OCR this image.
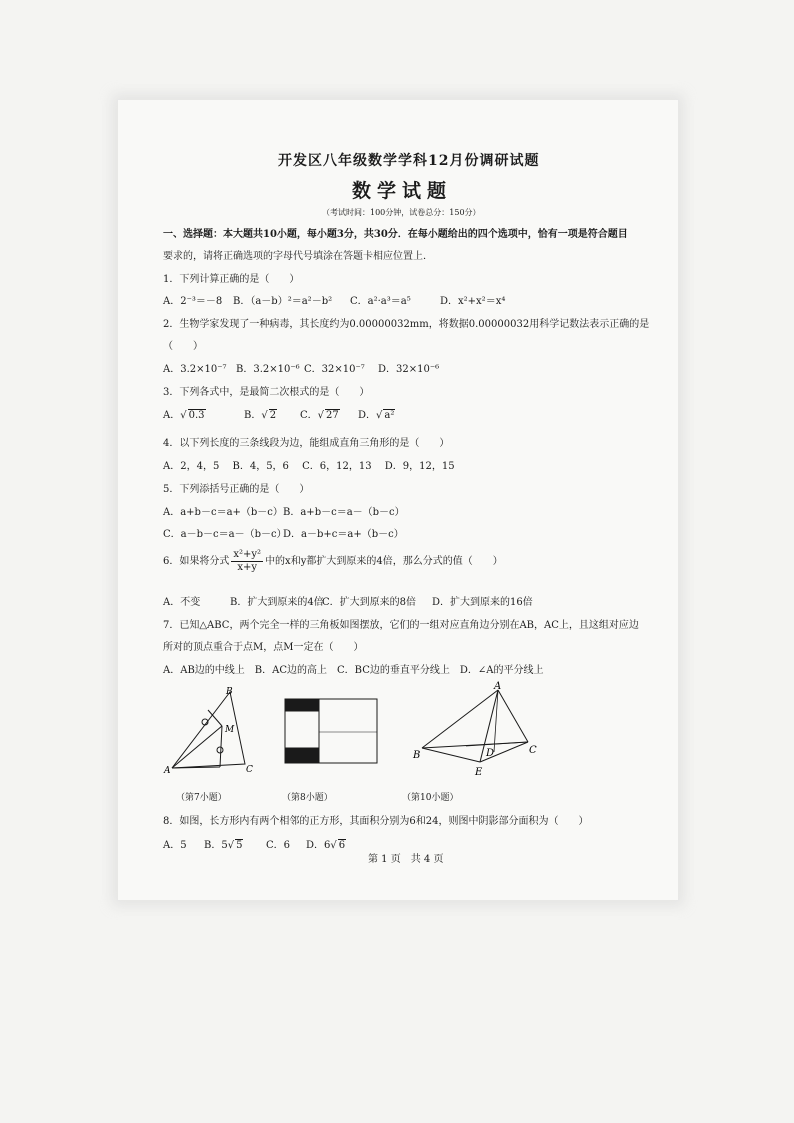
开发区八年级数学学科12月份调研试题
数学试题
（考试时间：100分钟，试卷总分：150分）
一、选择题：本大题共10小题，每小题3分，共30分．在每小题给出的四个选项中，恰有一项是符合题目
要求的，请将正确选项的字母代号填涂在答题卡相应位置上．
1．下列计算正确的是（　　）
A．2⁻³＝－8 B．（a－b）²＝a²－b² C．a²·a³＝a⁵	D．x²+x²＝x⁴
2．生物学家发现了一种病毒，其长度约为0.00000032mm，将数据0.00000032用科学记数法表示正确的是
（　　）
A．3.2×10⁻⁷ B．3.2×10⁻⁶ C．32×10⁻⁷ D．32×10⁻⁶
3．下列各式中，是最简二次根式的是（　　）
A．√ 0.3	B．√ 2 C．√ 27 D．√ a²
4．以下列长度的三条线段为边，能组成直角三角形的是（　　）
A．2，4，5　 B．4，5，6　 C．6，12，13　 D．9，12，15
5．下列添括号正确的是（　　）
A．a+b－c＝a+（b－c） B．a+b－c＝a－（b－c）
C．a－b－c＝a－（b－c）
D．a－b+c＝a+（b－c）
6．如果将分式 $\frac{\text{x²+y²}}{x+y}$ 中的x和y都扩大到原来的4倍，那么分式的值（　　）
A．不变	B．扩大到原来的4倍
C．扩大到原来的8倍 D．扩大到原来的16倍
7．已知△ABC，两个完全一样的三角板如图摆放，它们的一组对应直角边分别在AB，AC上，且这组对应边
所对的顶点重合于点M，点M一定在（　　）
A．AB边的中线上　B．AC边的高上　C．BC边的垂直平分线上　D．∠A的平分线上
A
B
C
M
A
B	C
D
E
（第7小题）	（第8小题）	（第10小题）
8．如图，长方形内有两个相邻的正方形，其面积分别为6和24，则图中阴影部分面积为（　　）
A．5 B．5√ 5 C．6 D．6√ 6
第 1 页　共 4 页
